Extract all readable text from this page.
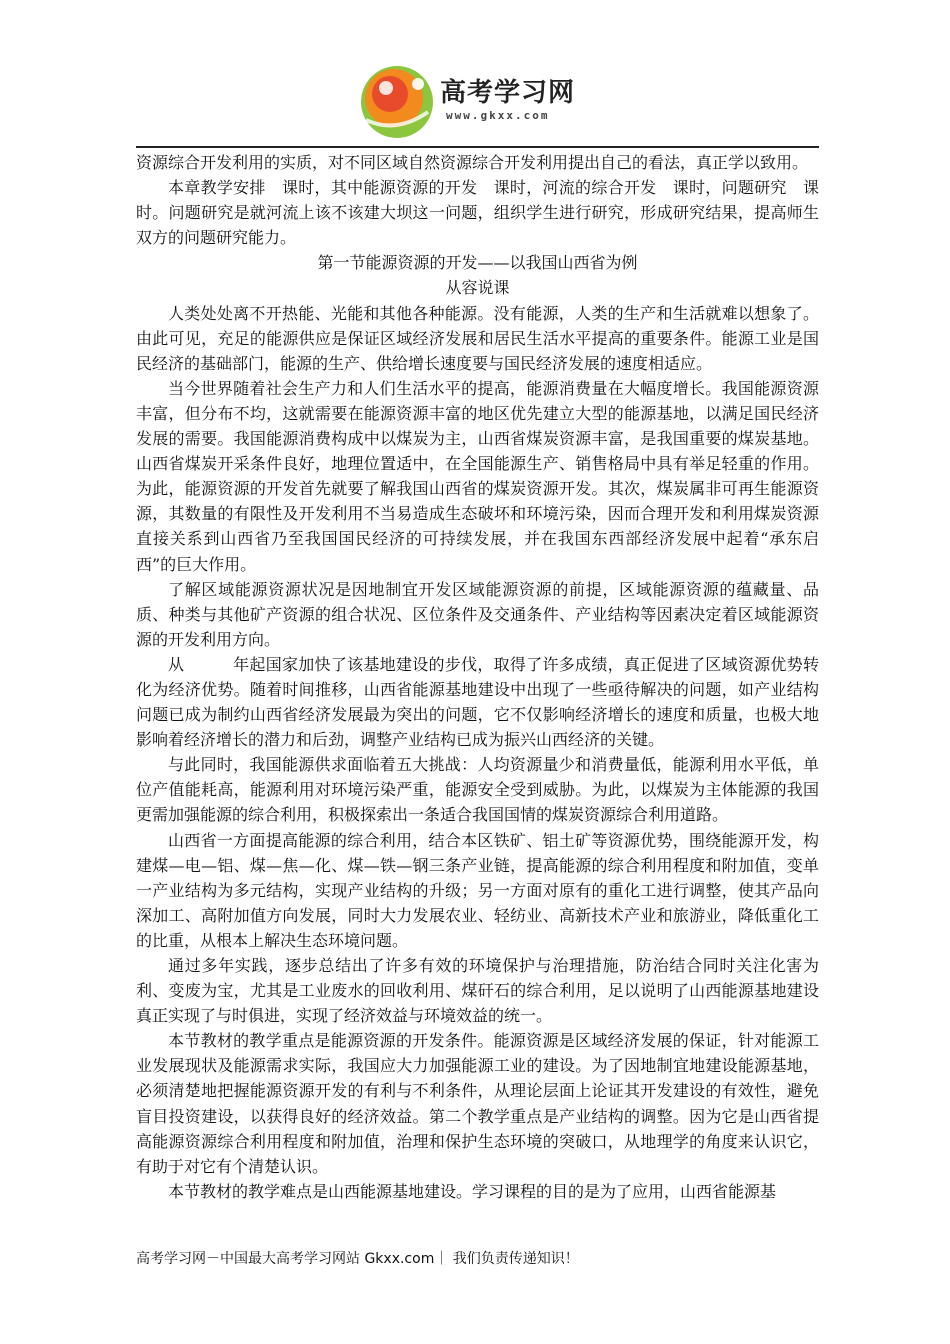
高考学习网
www.gkxx.com

资源综合开发利用的实质，对不同区域自然资源综合开发利用提出自己的看法，真正学以致用。

本章教学安排　课时，其中能源资源的开发　课时，河流的综合开发　课时，问题研究　课时。问题研究是就河流上该不该建大坝这一问题，组织学生进行研究，形成研究结果，提高师生双方的问题研究能力。

第一节能源资源的开发——以我国山西省为例

从容说课

人类处处离不开热能、光能和其他各种能源。没有能源，人类的生产和生活就难以想象了。由此可见，充足的能源供应是保证区域经济发展和居民生活水平提高的重要条件。能源工业是国民经济的基础部门，能源的生产、供给增长速度要与国民经济发展的速度相适应。

当今世界随着社会生产力和人们生活水平的提高，能源消费量在大幅度增长。我国能源资源丰富，但分布不均，这就需要在能源资源丰富的地区优先建立大型的能源基地，以满足国民经济发展的需要。我国能源消费构成中以煤炭为主，山西省煤炭资源丰富，是我国重要的煤炭基地。山西省煤炭开采条件良好，地理位置适中，在全国能源生产、销售格局中具有举足轻重的作用。为此，能源资源的开发首先就要了解我国山西省的煤炭资源开发。其次，煤炭属非可再生能源资源，其数量的有限性及开发利用不当易造成生态破坏和环境污染，因而合理开发和利用煤炭资源直接关系到山西省乃至我国国民经济的可持续发展，并在我国东西部经济发展中起着“承东启西”的巨大作用。

了解区域能源资源状况是因地制宜开发区域能源资源的前提，区域能源资源的蕴藏量、品质、种类与其他矿产资源的组合状况、区位条件及交通条件、产业结构等因素决定着区域能源资源的开发利用方向。

从　　　年起国家加快了该基地建设的步伐，取得了许多成绩，真正促进了区域资源优势转化为经济优势。随着时间推移，山西省能源基地建设中出现了一些亟待解决的问题，如产业结构问题已成为制约山西省经济发展最为突出的问题，它不仅影响经济增长的速度和质量，也极大地影响着经济增长的潜力和后劲，调整产业结构已成为振兴山西经济的关键。

与此同时，我国能源供求面临着五大挑战：人均资源量少和消费量低，能源利用水平低，单位产值能耗高，能源利用对环境污染严重，能源安全受到威胁。为此，以煤炭为主体能源的我国更需加强能源的综合利用，积极探索出一条适合我国国情的煤炭资源综合利用道路。

山西省一方面提高能源的综合利用，结合本区铁矿、铝土矿等资源优势，围绕能源开发，构建煤—电—铝、煤—焦—化、煤—铁—钢三条产业链，提高能源的综合利用程度和附加值，变单一产业结构为多元结构，实现产业结构的升级；另一方面对原有的重化工进行调整，使其产品向深加工、高附加值方向发展，同时大力发展农业、轻纺业、高新技术产业和旅游业，降低重化工的比重，从根本上解决生态环境问题。

通过多年实践，逐步总结出了许多有效的环境保护与治理措施，防治结合同时关注化害为利、变废为宝，尤其是工业废水的回收利用、煤矸石的综合利用，足以说明了山西能源基地建设真正实现了与时俱进，实现了经济效益与环境效益的统一。

本节教材的教学重点是能源资源的开发条件。能源资源是区域经济发展的保证，针对能源工业发展现状及能源需求实际，我国应大力加强能源工业的建设。为了因地制宜地建设能源基地，必须清楚地把握能源资源开发的有利与不利条件，从理论层面上论证其开发建设的有效性，避免盲目投资建设，以获得良好的经济效益。第二个教学重点是产业结构的调整。因为它是山西省提高能源资源综合利用程度和附加值，治理和保护生态环境的突破口，从地理学的角度来认识它，有助于对它有个清楚认识。

本节教材的教学难点是山西能源基地建设。学习课程的目的是为了应用，山西省能源基

高考学习网－中国最大高考学习网站 Gkxx.com｜ 我们负责传递知识！
